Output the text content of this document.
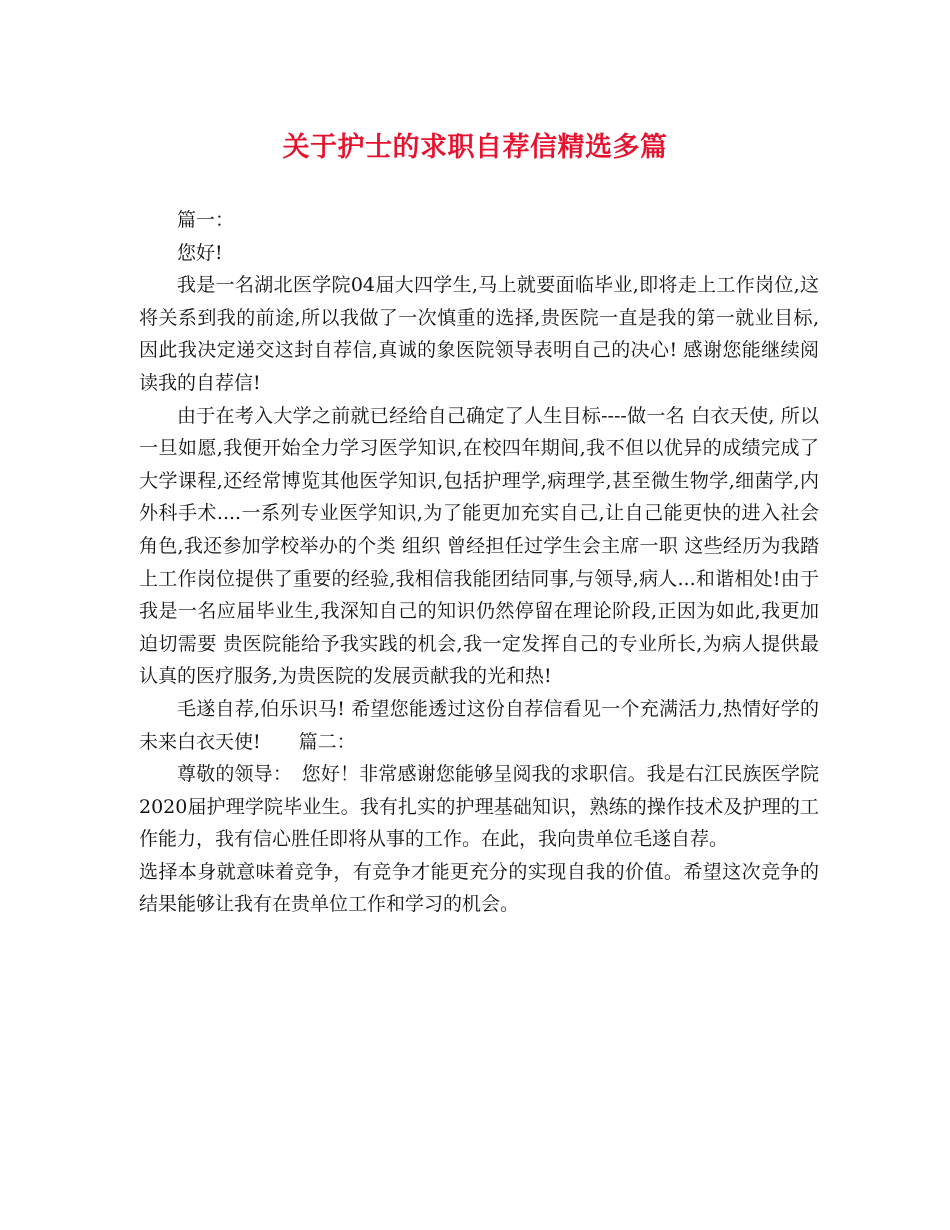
关于护士的求职自荐信精选多篇

篇一：

您好!

我是一名湖北医学院04届大四学生,马上就要面临毕业,即将走上工作岗位,这将关系到我的前途,所以我做了一次慎重的选择,贵医院一直是我的第一就业目标,因此我决定递交这封自荐信,真诚的象医院领导表明自己的决心! 感谢您能继续阅读我的自荐信!

由于在考入大学之前就已经给自己确定了人生目标----做一名 白衣天使, 所以一旦如愿,我便开始全力学习医学知识,在校四年期间,我不但以优异的成绩完成了大学课程,还经常博览其他医学知识,包括护理学,病理学,甚至微生物学,细菌学,内外科手术....一系列专业医学知识,为了能更加充实自己,让自己能更快的进入社会角色,我还参加学校举办的个类 组织 曾经担任过学生会主席一职 这些经历为我踏上工作岗位提供了重要的经验,我相信我能团结同事,与领导,病人...和谐相处!由于我是一名应届毕业生,我深知自己的知识仍然停留在理论阶段,正因为如此,我更加迫切需要 贵医院能给予我实践的机会,我一定发挥自己的专业所长,为病人提供最认真的医疗服务,为贵医院的发展贡献我的光和热!

毛遂自荐,伯乐识马! 希望您能透过这份自荐信看见一个充满活力,热情好学的未来白衣天使!　　篇二：

尊敬的领导：　您好！非常感谢您能够呈阅我的求职信。我是右江民族医学院2020届护理学院毕业生。我有扎实的护理基础知识，熟练的操作技术及护理的工作能力，我有信心胜任即将从事的工作。在此，我向贵单位毛遂自荐。

选择本身就意味着竞争，有竞争才能更充分的实现自我的价值。希望这次竞争的结果能够让我有在贵单位工作和学习的机会。
